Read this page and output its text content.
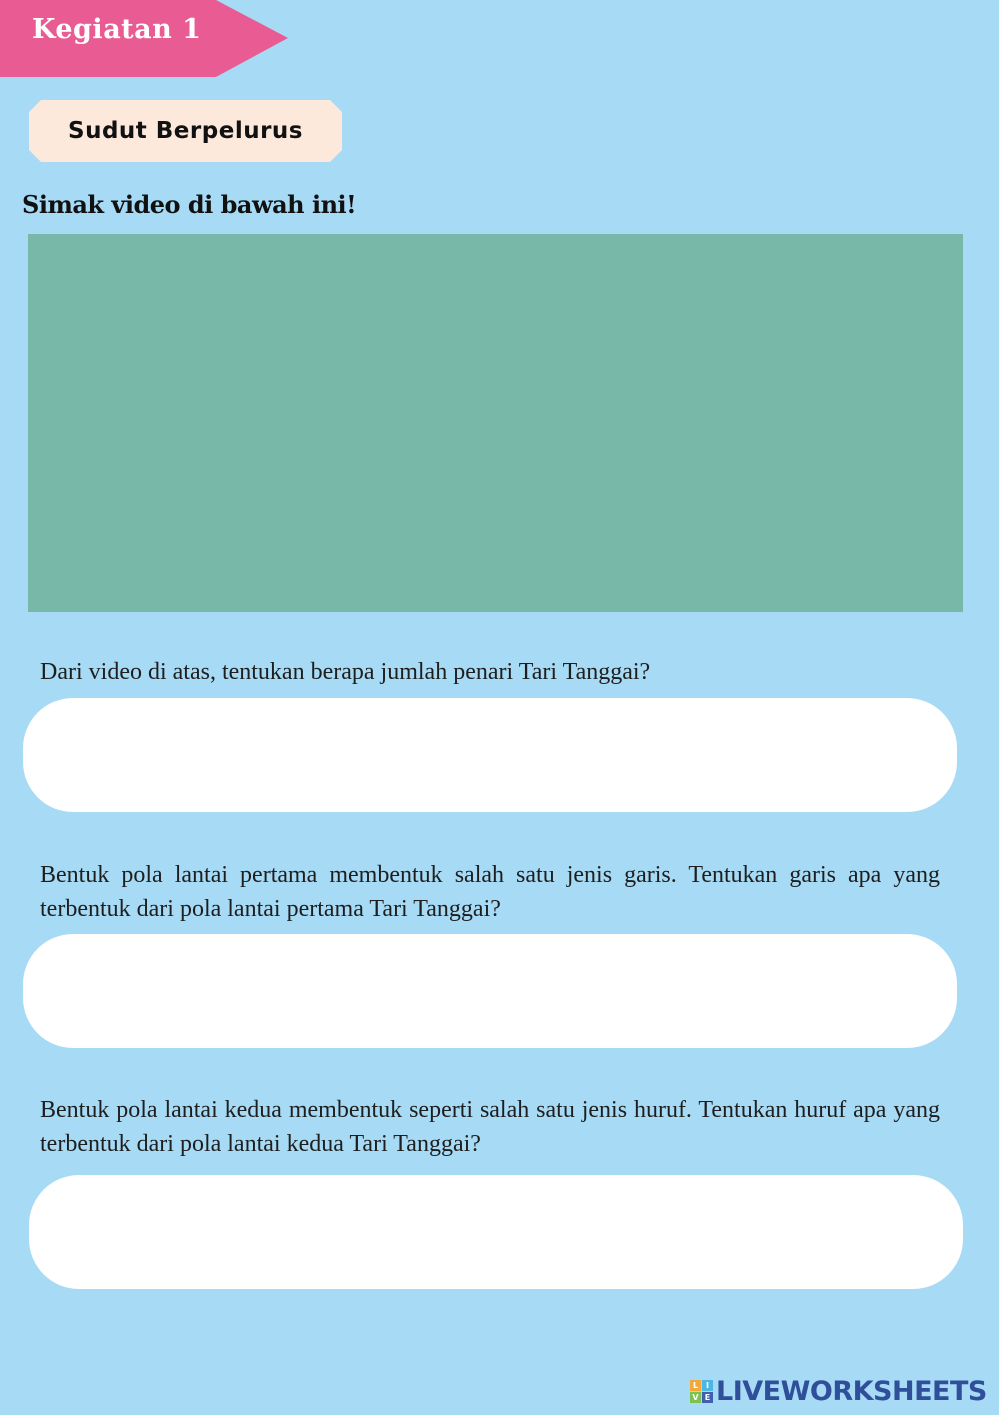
Kegiatan 1
Sudut Berpelurus
Simak video di bawah ini!
Dari video di atas, tentukan berapa jumlah penari Tari Tanggai?
Bentuk pola lantai pertama membentuk salah satu jenis garis. Tentukan garis apa yang terbentuk dari pola lantai pertama Tari Tanggai?
Bentuk pola lantai kedua membentuk seperti salah satu jenis huruf. Tentukan huruf apa yang terbentuk dari pola lantai kedua Tari Tanggai?
L I
V E LIVEWORKSHEETS
